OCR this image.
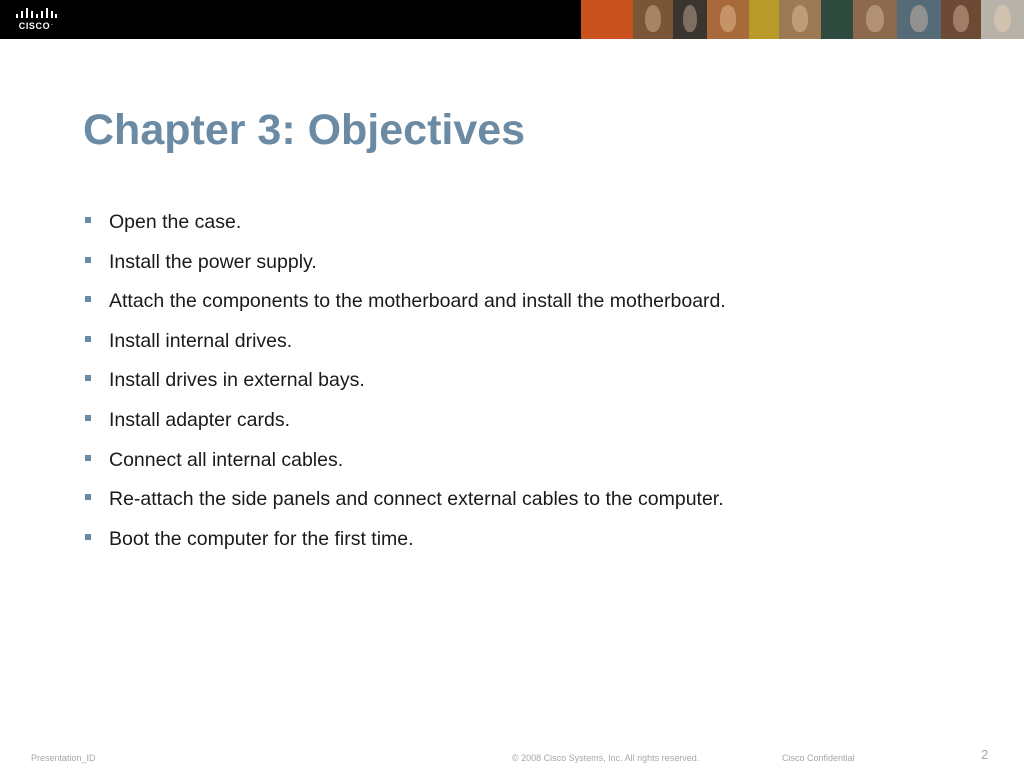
CISCO.
Chapter 3: Objectives
Open the case.
Install the power supply.
Attach the components to the motherboard and install the motherboard.
Install internal drives.
Install drives in external bays.
Install adapter cards.
Connect all internal cables.
Re-attach the side panels and connect external cables to the computer.
Boot the computer for the first time.
Presentation_ID	© 2008 Cisco Systems, Inc. All rights reserved.	Cisco Confidential	2
